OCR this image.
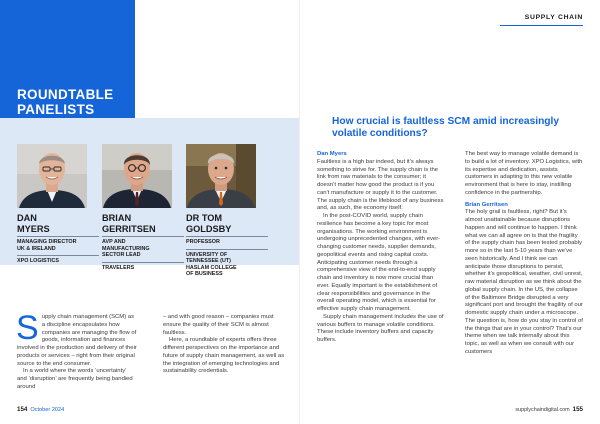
ROUNDTABLE
PANELISTS
DAN
MYERS
MANAGING DIRECTOR
UK & IRELAND
XPO LOGISTICS
BRIAN
GERRITSEN
AVP AND
MANUFACTURING
SECTOR LEAD
TRAVELERS
DR TOM
GOLDSBY
PROFESSOR
UNIVERSITY OF
TENNESSEE (UT)
HASLAM COLLEGE
OF BUSINESS
S upply chain management (SCM) as a discipline encapsulates how companies are managing the flow of goods, information and finances involved in the production and delivery of their products or services – right from their original source to the end consumer.
In a world where the words ‘uncertainty’ and ‘disruption’ are frequently being bandied around
– and with good reason – companies must ensure the quality of their SCM is almost faultless.
Here, a roundtable of experts offers three different perspectives on the importance and future of supply chain management, as well as the integration of emerging technologies and sustainability credentials.
154 October 2024
SUPPLY CHAIN
How crucial is faultless SCM amid increasingly volatile conditions?
Dan Myers
Faultless is a high bar indeed, but it’s always something to strive for. The supply chain is the link from raw materials to the consumer; it doesn’t matter how good the product is if you can’t manufacture or supply it to the customer. The supply chain is the lifeblood of any business and, as such, the economy itself.
In the post-COVID world, supply chain resilience has become a key topic for most organisations. The working environment is undergoing unprecedented changes, with ever-changing customer needs, supplier demands, geopolitical events and rising capital costs. Anticipating customer needs through a comprehensive view of the end-to-end supply chain and inventory is now more crucial than ever. Equally important is the establishment of clear responsibilities and governance in the overall operating model, which is essential for effective supply chain management.
Supply chain management includes the use of various buffers to manage volatile conditions. These include inventory buffers and capacity buffers.
The best way to manage volatile demand is to build a lot of inventory. XPO Logistics, with its expertise and dedication, assists customers in adapting to this new volatile environment that is here to stay, instilling confidence in the partnership.
Brian Gerritsen
The holy grail is faultless, right? But it’s almost unattainable because disruptions happen and will continue to happen. I think what we can all agree on is that the fragility of the supply chain has been tested probably more so in the last 5-10 years than we’ve seen historically. And I think we can anticipate those disruptions to persist, whether it’s geopolitical, weather, civil unrest, raw material disruption as we think about the global supply chain. In the US, the collapse of the Baltimore Bridge disrupted a very significant port and brought the fragility of our domestic supply chain under a microscope. The question is, how do you stay in control of the things that are in your control? That’s our theme when we talk internally about this topic, as well as when we consult with our customers
supplychaindigital.com 155
